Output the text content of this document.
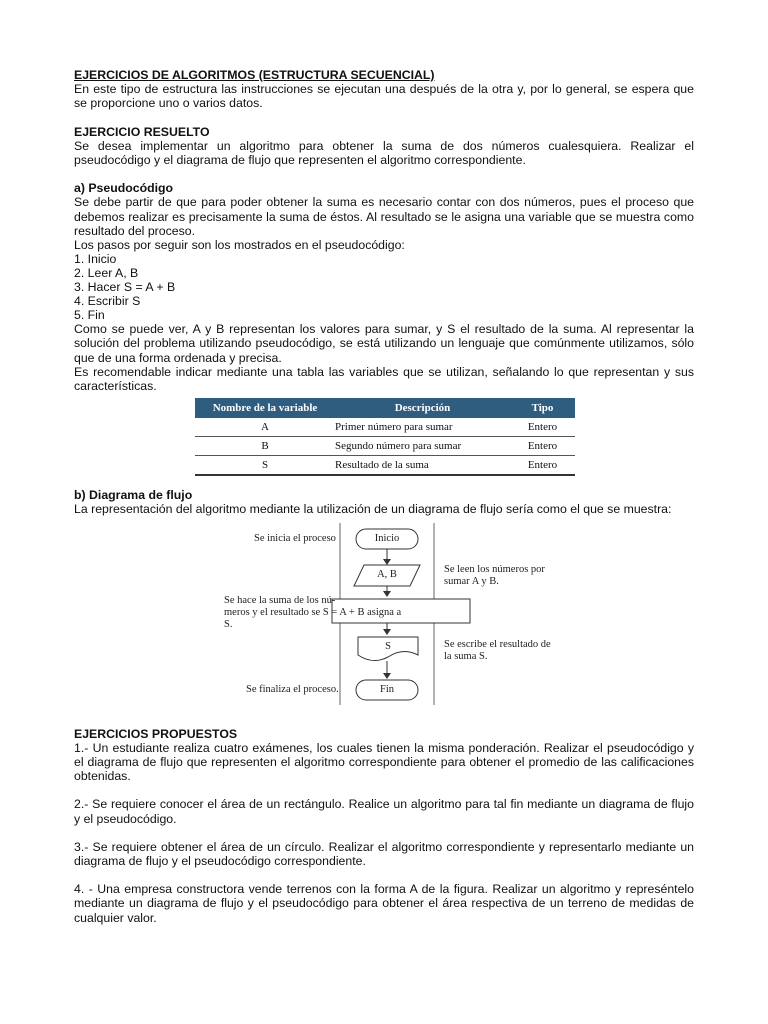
EJERCICIOS DE ALGORITMOS (ESTRUCTURA SECUENCIAL)

En este tipo de estructura las instrucciones se ejecutan una después de la otra y, por lo general, se espera que se proporcione uno o varios datos.

EJERCICIO RESUELTO

Se desea implementar un algoritmo para obtener la suma de dos números cualesquiera. Realizar el pseudocódigo y el diagrama de flujo que representen el algoritmo correspondiente.

a) Pseudocódigo

Se debe partir de que para poder obtener la suma es necesario contar con dos números, pues el proceso que debemos realizar es precisamente la suma de éstos. Al resultado se le asigna una variable que se muestra como resultado del proceso.

Los pasos por seguir son los mostrados en el pseudocódigo:

1. Inicio

2. Leer A, B

3. Hacer S = A + B

4. Escribir S

5. Fin

Como se puede ver, A y B representan los valores para sumar, y S el resultado de la suma. Al representar la solución del problema utilizando pseudocódigo, se está utilizando un lenguaje que comúnmente utilizamos, sólo que de una forma ordenada y precisa.

Es recomendable indicar mediante una tabla las variables que se utilizan, señalando lo que representan y sus características.

Nombre de la variable	Descripción	Tipo
A	Primer número para sumar	Entero
B	Segundo número para sumar	Entero
S	Resultado de la suma	Entero

b) Diagrama de flujo

La representación del algoritmo mediante la utilización de un diagrama de flujo sería como el que se muestra:

Inicio
A, B
S
Fin
Se inicia el proceso
Se leen los números por
sumar A y B.
Se hace la suma de los nú-
meros y el resultado se S = A + B asigna a
S.
Se escribe el resultado de
la suma S.
Se finaliza el proceso.

EJERCICIOS PROPUESTOS

1.- Un estudiante realiza cuatro exámenes, los cuales tienen la misma ponderación. Realizar el pseudocódigo y el diagrama de flujo que representen el algoritmo correspondiente para obtener el promedio de las calificaciones obtenidas.

2.- Se requiere conocer el área de un rectángulo. Realice un algoritmo para tal fin mediante un diagrama de flujo y el pseudocódigo.

3.- Se requiere obtener el área de un círculo. Realizar el algoritmo correspondiente y representarlo mediante un diagrama de flujo y el pseudocódigo correspondiente.

4. - Una empresa constructora vende terrenos con la forma A de la figura. Realizar un algoritmo y represéntelo mediante un diagrama de flujo y el pseudocódigo para obtener el área respectiva de un terreno de medidas de cualquier valor.
